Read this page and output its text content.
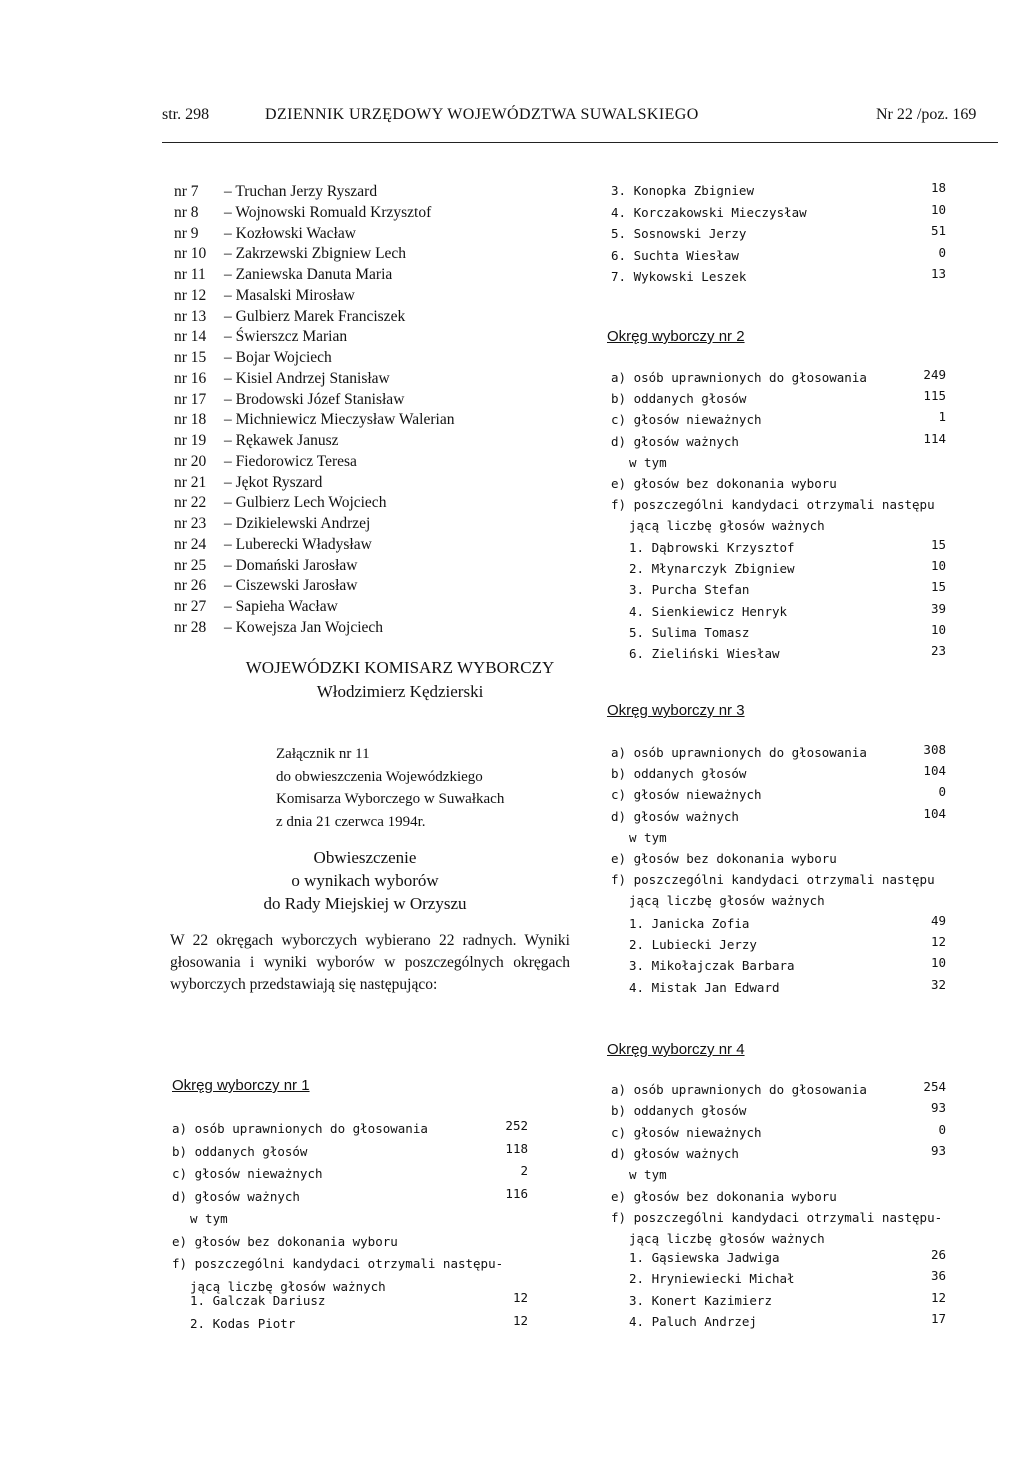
str. 298	DZIENNIK URZĘDOWY WOJEWÓDZTWA SUWALSKIEGO	Nr 22 /poz. 169
nr 7 – Truchan Jerzy Ryszard
nr 8 – Wojnowski Romuald Krzysztof
nr 9 – Kozłowski Wacław
nr 10 – Zakrzewski Zbigniew Lech
nr 11 – Zaniewska Danuta Maria
nr 12 – Masalski Mirosław
nr 13 – Gulbierz Marek Franciszek
nr 14 – Świerszcz Marian
nr 15 – Bojar Wojciech
nr 16 – Kisiel Andrzej Stanisław
nr 17 – Brodowski Józef Stanisław
nr 18 – Michniewicz Mieczysław Walerian
nr 19 – Rękawek Janusz
nr 20 – Fiedorowicz Teresa
nr 21 – Jękot Ryszard
nr 22 – Gulbierz Lech Wojciech
nr 23 – Dzikielewski Andrzej
nr 24 – Luberecki Władysław
nr 25 – Domański Jarosław
nr 26 – Ciszewski Jarosław
nr 27 – Sapieha Wacław
nr 28 – Kowejsza Jan Wojciech
WOJEWÓDZKI KOMISARZ WYBORCZY
Włodzimierz Kędzierski
Załącznik nr 11
do obwieszczenia Wojewódzkiego
Komisarza Wyborczego w Suwałkach
z dnia 21 czerwca 1994r.
Obwieszczenie
o wynikach wyborów
do Rady Miejskiej w Orzyszu
W 22 okręgach wyborczych wybierano 22 radnych. Wyniki głosowania i wyniki wyborów w poszczególnych okręgach wyborczych przedstawiają się następująco:
Okręg wyborczy nr 1
a) osób uprawnionych do głosowania	252
b) oddanych głosów	118
c) głosów nieważnych	2
d) głosów ważnych	116
w tym
e) głosów bez dokonania wyboru
f) poszczególni kandydaci otrzymali następu-
jącą liczbę głosów ważnych
1. Galczak Dariusz	12
2. Kodas Piotr	12
3. Konopka Zbigniew	18
4. Korczakowski Mieczysław	10
5. Sosnowski Jerzy	51
6. Suchta Wiesław	0
7. Wykowski Leszek	13
Okręg wyborczy nr 2
a) osób uprawnionych do głosowania	249
b) oddanych głosów	115
c) głosów nieważnych	1
d) głosów ważnych	114
w tym
e) głosów bez dokonania wyboru
f) poszczególni kandydaci otrzymali następu
jącą liczbę głosów ważnych
1. Dąbrowski Krzysztof	15
2. Młynarczyk Zbigniew	10
3. Purcha Stefan	15
4. Sienkiewicz Henryk	39
5. Sulima Tomasz	10
6. Zieliński Wiesław	23
Okręg wyborczy nr 3
a) osób uprawnionych do głosowania	308
b) oddanych głosów	104
c) głosów nieważnych	0
d) głosów ważnych	104
w tym
e) głosów bez dokonania wyboru
f) poszczególni kandydaci otrzymali następu
jącą liczbę głosów ważnych
1. Janicka Zofia	49
2. Lubiecki Jerzy	12
3. Mikołajczak Barbara	10
4. Mistak Jan Edward	32
Okręg wyborczy nr 4
a) osób uprawnionych do głosowania	254
b) oddanych głosów	93
c) głosów nieważnych	0
d) głosów ważnych	93
w tym
e) głosów bez dokonania wyboru
f) poszczególni kandydaci otrzymali następu-
jącą liczbę głosów ważnych
1. Gąsiewska Jadwiga	26
2. Hryniewiecki Michał	36
3. Konert Kazimierz	12
4. Paluch Andrzej	17
